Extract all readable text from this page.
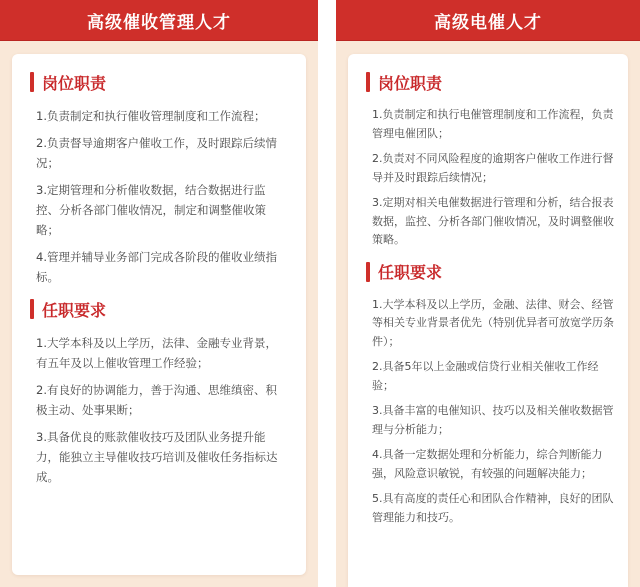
高级催收管理人才
岗位职责
1.负责制定和执行催收管理制度和工作流程；
2.负责督导逾期客户催收工作，及时跟踪后续情况；
3.定期管理和分析催收数据，结合数据进行监控、分析各部门催收情况，制定和调整催收策略；
4.管理并辅导业务部门完成各阶段的催收业绩指标。
任职要求
1.大学本科及以上学历，法律、金融专业背景，有五年及以上催收管理工作经验；
2.有良好的协调能力，善于沟通、思维缜密、积极主动、处事果断；
3.具备优良的账款催收技巧及团队业务提升能力，能独立主导催收技巧培训及催收任务指标达成。
高级电催人才
岗位职责
1.负责制定和执行电催管理制度和工作流程，负责管理电催团队；
2.负责对不同风险程度的逾期客户催收工作进行督导并及时跟踪后续情况；
3.定期对相关电催数据进行管理和分析，结合报表数据，监控、分析各部门催收情况，及时调整催收策略。
任职要求
1.大学本科及以上学历，金融、法律、财会、经管等相关专业背景者优先（特别优异者可放宽学历条件）；
2.具备5年以上金融或信贷行业相关催收工作经验；
3.具备丰富的电催知识、技巧以及相关催收数据管理与分析能力；
4.具备一定数据处理和分析能力，综合判断能力强，风险意识敏锐，有较强的问题解决能力；
5.具有高度的责任心和团队合作精神，良好的团队管理能力和技巧。
